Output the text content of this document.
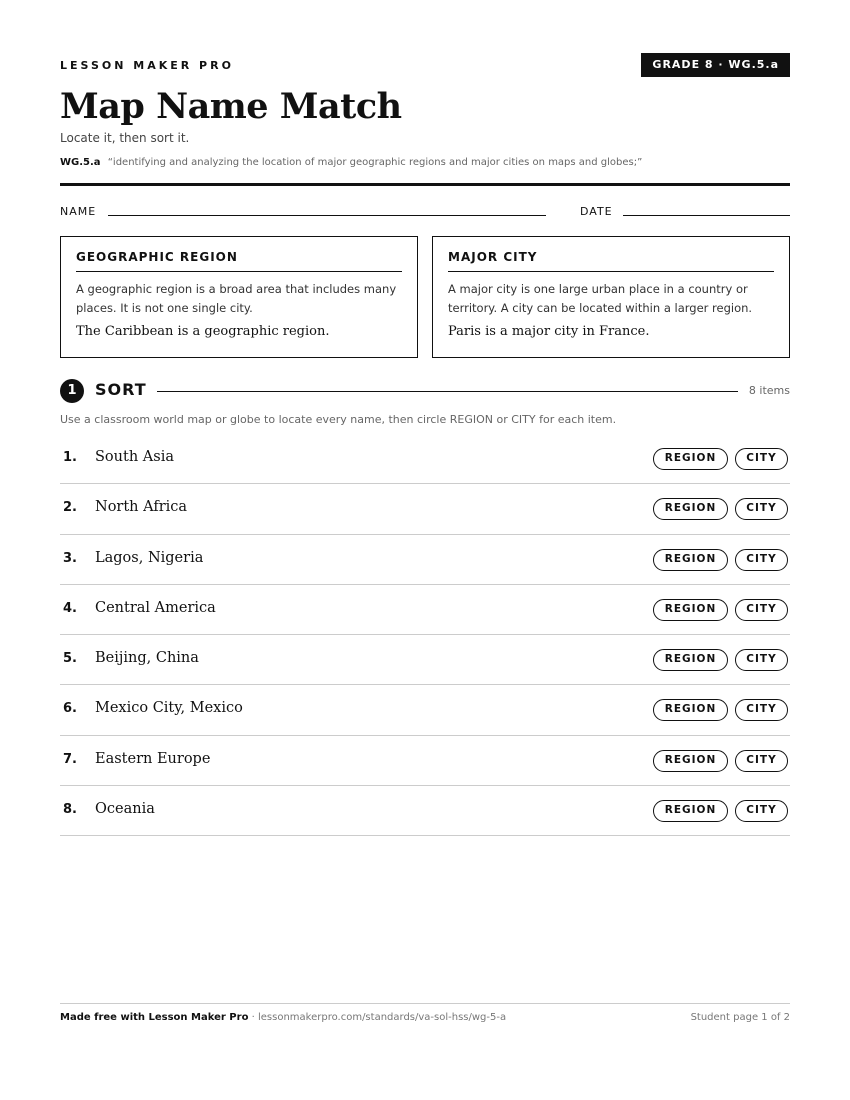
LESSON MAKER PRO	GRADE 8 · WG.5.a
Map Name Match
Locate it, then sort it.
WG.5.a “identifying and analyzing the location of major geographic regions and major cities on maps and globes;”
NAME	DATE
GEOGRAPHIC REGION
A geographic region is a broad area that includes many places. It is not one single city.
The Caribbean is a geographic region.
MAJOR CITY
A major city is one large urban place in a country or territory. A city can be located within a larger region.
Paris is a major city in France.
1	SORT	8 items
Use a classroom world map or globe to locate every name, then circle REGION or CITY for each item.
1. South Asia	REGION	CITY
2. North Africa	REGION	CITY
3. Lagos, Nigeria	REGION	CITY
4. Central America	REGION	CITY
5. Beijing, China	REGION	CITY
6. Mexico City, Mexico	REGION	CITY
7. Eastern Europe	REGION	CITY
8. Oceania	REGION	CITY
Made free with Lesson Maker Pro · lessonmakerpro.com/standards/va-sol-hss/wg-5-a	Student page 1 of 2
